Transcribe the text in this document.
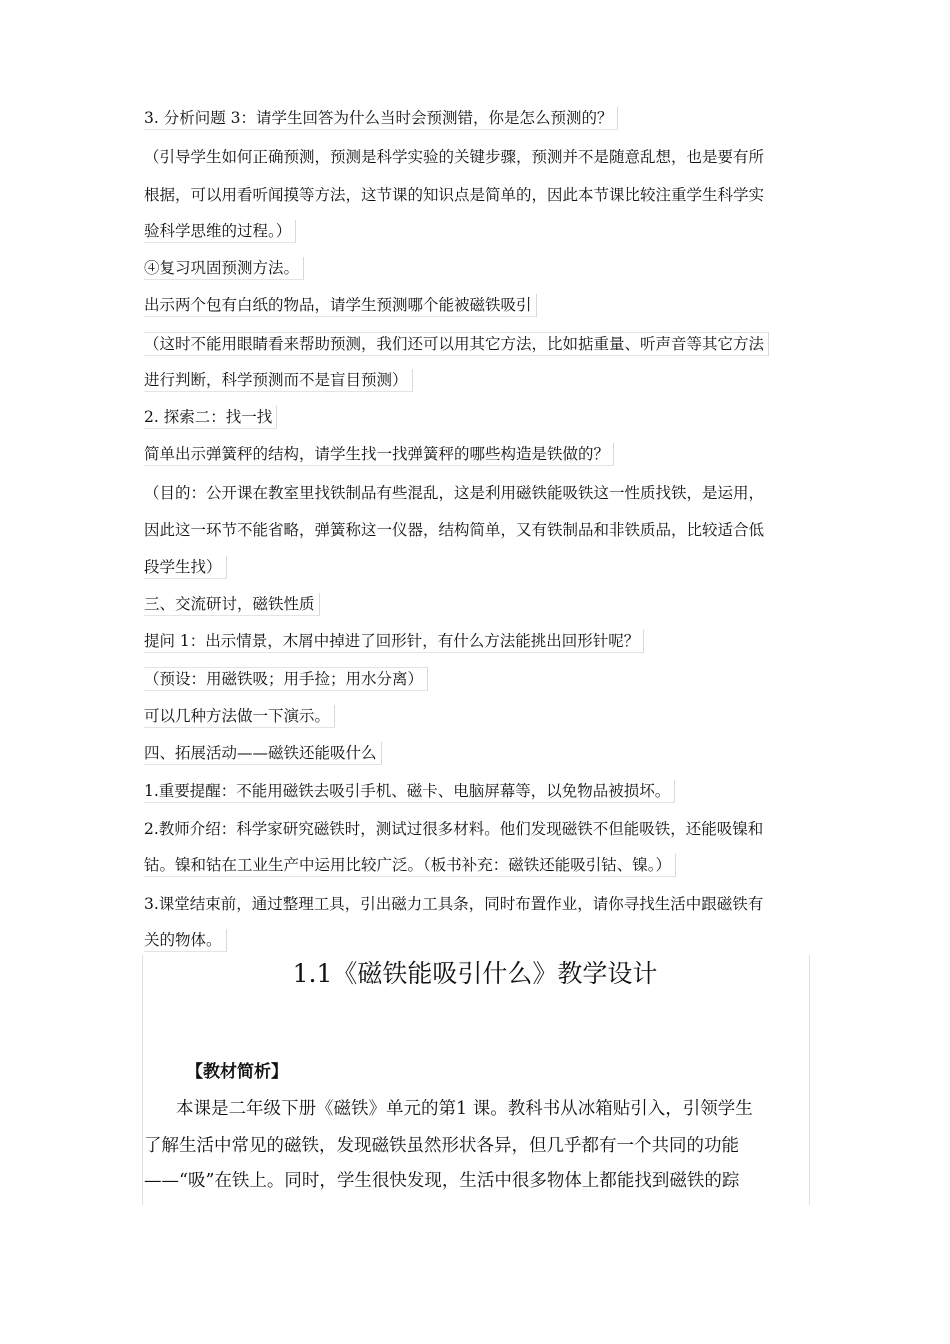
3. 分析问题 3：请学生回答为什么当时会预测错，你是怎么预测的？
（引导学生如何正确预测，预测是科学实验的关键步骤，预测并不是随意乱想，也是要有所
根据，可以用看听闻摸等方法，这节课的知识点是简单的，因此本节课比较注重学生科学实
验科学思维的过程。）
④复习巩固预测方法。
出示两个包有白纸的物品，请学生预测哪个能被磁铁吸引
（这时不能用眼睛看来帮助预测，我们还可以用其它方法，比如掂重量、听声音等其它方法
进行判断，科学预测而不是盲目预测）
2. 探索二：找一找
简单出示弹簧秤的结构，请学生找一找弹簧秤的哪些构造是铁做的？
（目的：公开课在教室里找铁制品有些混乱，这是利用磁铁能吸铁这一性质找铁，是运用，
因此这一环节不能省略，弹簧称这一仪器，结构简单，又有铁制品和非铁质品，比较适合低
段学生找）
三、交流研讨，磁铁性质
提问 1：出示情景，木屑中掉进了回形针，有什么方法能挑出回形针呢？
（预设：用磁铁吸；用手捡；用水分离）
可以几种方法做一下演示。
四、拓展活动——磁铁还能吸什么
1.重要提醒：不能用磁铁去吸引手机、磁卡、电脑屏幕等，以免物品被损坏。
2.教师介绍：科学家研究磁铁时，测试过很多材料。他们发现磁铁不但能吸铁，还能吸镍和
钴。镍和钴在工业生产中运用比较广泛。（板书补充：磁铁还能吸引钴、镍。）
3.课堂结束前，通过整理工具，引出磁力工具条，同时布置作业，请你寻找生活中跟磁铁有
关的物体。
1.1《磁铁能吸引什么》教学设计
【教材简析】
本课是二年级下册《磁铁》单元的第1 课。教科书从冰箱贴引入，引领学生
了解生活中常见的磁铁，发现磁铁虽然形状各异，但几乎都有一个共同的功能
——“吸”在铁上。同时，学生很快发现，生活中很多物体上都能找到磁铁的踪
